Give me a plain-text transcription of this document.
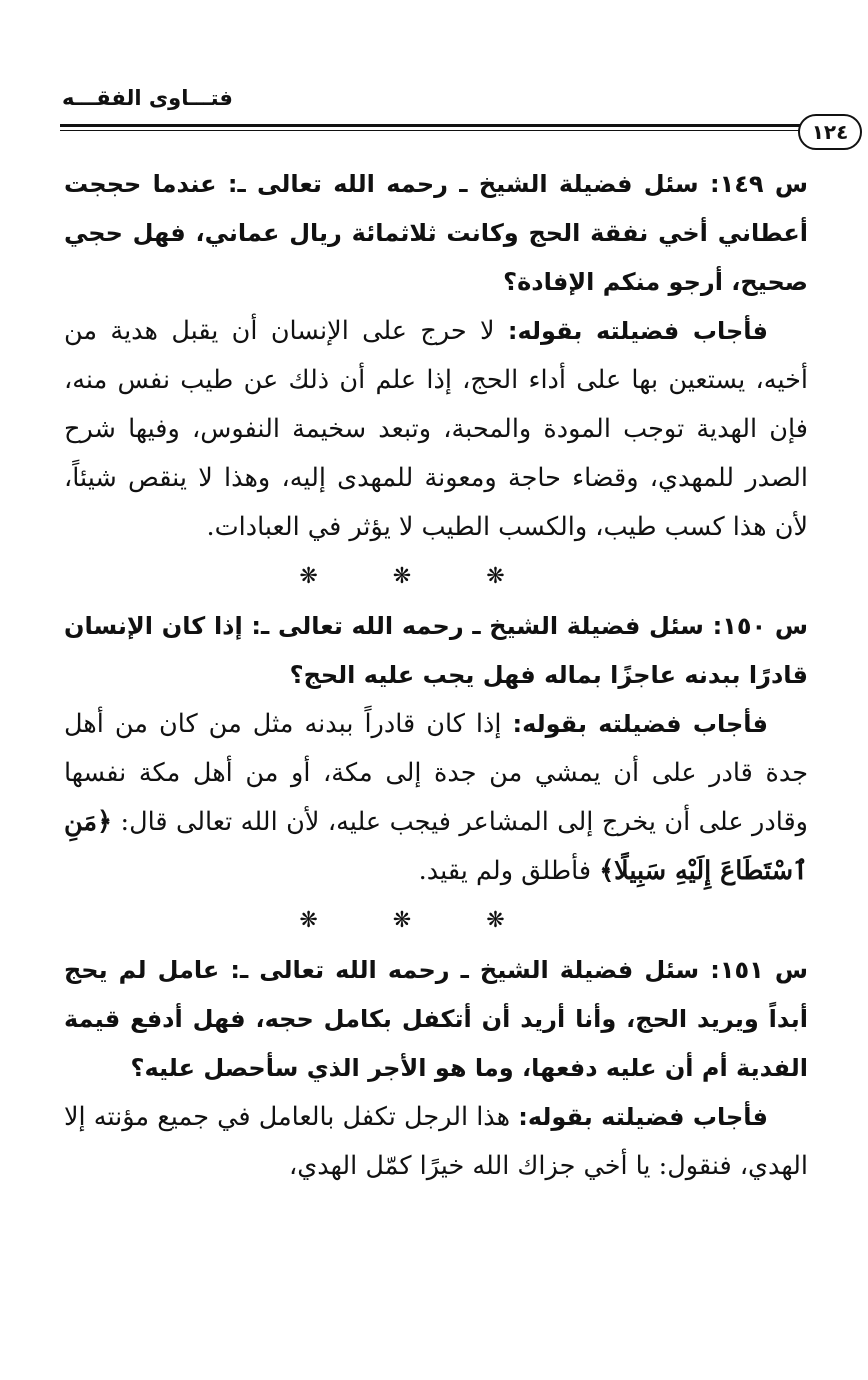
فتـــاوى الفقـــه
١٢٤

س ١٤٩: سئل فضيلة الشيخ ـ رحمه الله تعالى ـ: عندما حججت أعطاني أخي نفقة الحج وكانت ثلاثمائة ريال عماني، فهل حجي صحيح، أرجو منكم الإفادة؟

فأجاب فضيلته بقوله: لا حرج على الإنسان أن يقبل هدية من أخيه، يستعين بها على أداء الحج، إذا علم أن ذلك عن طيب نفس منه، فإن الهدية توجب المودة والمحبة، وتبعد سخيمة النفوس، وفيها شرح الصدر للمهدي، وقضاء حاجة ومعونة للمهدى إليه، وهذا لا ينقص شيئاً، لأن هذا كسب طيب، والكسب الطيب لا يؤثر في العبادات.

❋ ❋ ❋

س ١٥٠: سئل فضيلة الشيخ ـ رحمه الله تعالى ـ: إذا كان الإنسان قادرًا ببدنه عاجزًا بماله فهل يجب عليه الحج؟

فأجاب فضيلته بقوله: إذا كان قادراً ببدنه مثل من كان من أهل جدة قادر على أن يمشي من جدة إلى مكة، أو من أهل مكة نفسها وقادر على أن يخرج إلى المشاعر فيجب عليه، لأن الله تعالى قال: ﴿مَنِ ٱسْتَطَاعَ إِلَيْهِ سَبِيلًا﴾ فأطلق ولم يقيد.

❋ ❋ ❋

س ١٥١: سئل فضيلة الشيخ ـ رحمه الله تعالى ـ: عامل لم يحج أبداً ويريد الحج، وأنا أريد أن أتكفل بكامل حجه، فهل أدفع قيمة الفدية أم أن عليه دفعها، وما هو الأجر الذي سأحصل عليه؟

فأجاب فضيلته بقوله: هذا الرجل تكفل بالعامل في جميع مؤنته إلا الهدي، فنقول: يا أخي جزاك الله خيرًا كمّل الهدي،
